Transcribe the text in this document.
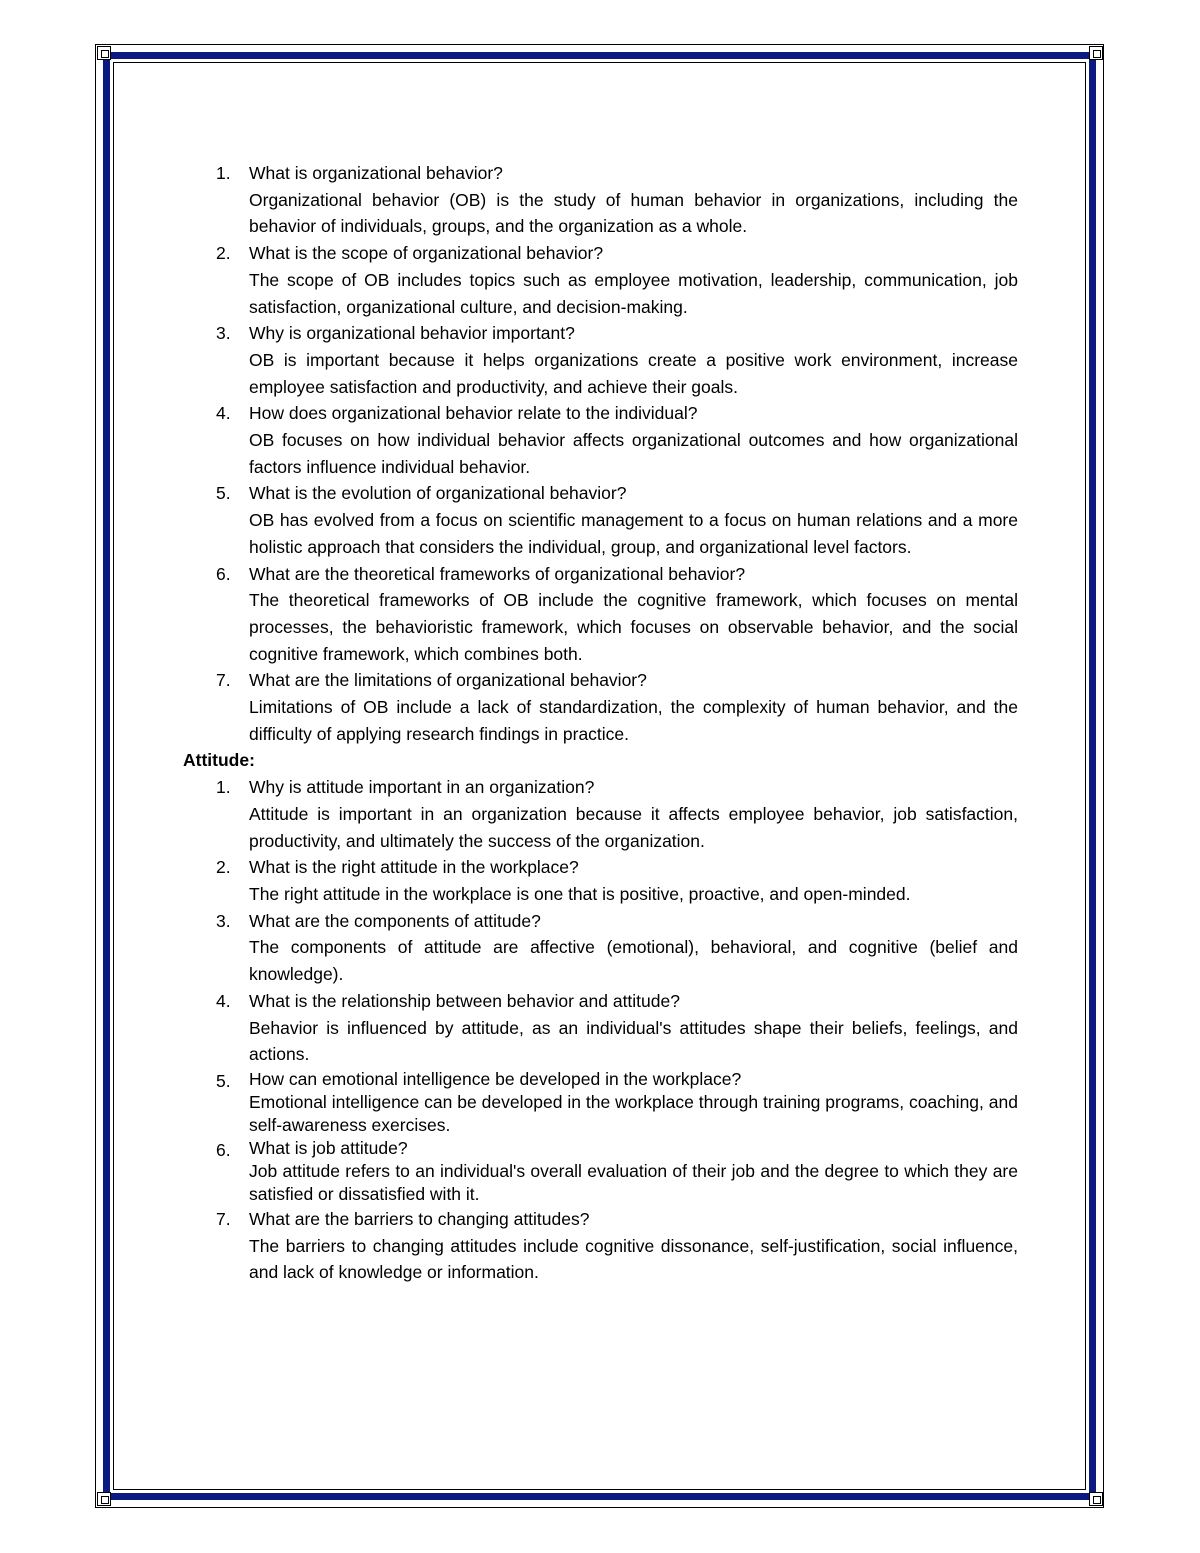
1. What is organizational behavior?
Organizational behavior (OB) is the study of human behavior in organizations, including the behavior of individuals, groups, and the organization as a whole.
2. What is the scope of organizational behavior?
The scope of OB includes topics such as employee motivation, leadership, communication, job satisfaction, organizational culture, and decision-making.
3. Why is organizational behavior important?
OB is important because it helps organizations create a positive work environment, increase employee satisfaction and productivity, and achieve their goals.
4. How does organizational behavior relate to the individual?
OB focuses on how individual behavior affects organizational outcomes and how organizational factors influence individual behavior.
5. What is the evolution of organizational behavior?
OB has evolved from a focus on scientific management to a focus on human relations and a more holistic approach that considers the individual, group, and organizational level factors.
6. What are the theoretical frameworks of organizational behavior?
The theoretical frameworks of OB include the cognitive framework, which focuses on mental processes, the behavioristic framework, which focuses on observable behavior, and the social cognitive framework, which combines both.
7. What are the limitations of organizational behavior?
Limitations of OB include a lack of standardization, the complexity of human behavior, and the difficulty of applying research findings in practice.

Attitude:

1. Why is attitude important in an organization?
Attitude is important in an organization because it affects employee behavior, job satisfaction, productivity, and ultimately the success of the organization.
2. What is the right attitude in the workplace?
The right attitude in the workplace is one that is positive, proactive, and open-minded.
3. What are the components of attitude?
The components of attitude are affective (emotional), behavioral, and cognitive (belief and knowledge).
4. What is the relationship between behavior and attitude?
Behavior is influenced by attitude, as an individual's attitudes shape their beliefs, feelings, and actions.
5. How can emotional intelligence be developed in the workplace?
Emotional intelligence can be developed in the workplace through training programs, coaching, and self-awareness exercises.
6. What is job attitude?
Job attitude refers to an individual's overall evaluation of their job and the degree to which they are satisfied or dissatisfied with it.
7. What are the barriers to changing attitudes?
The barriers to changing attitudes include cognitive dissonance, self-justification, social influence, and lack of knowledge or information.
